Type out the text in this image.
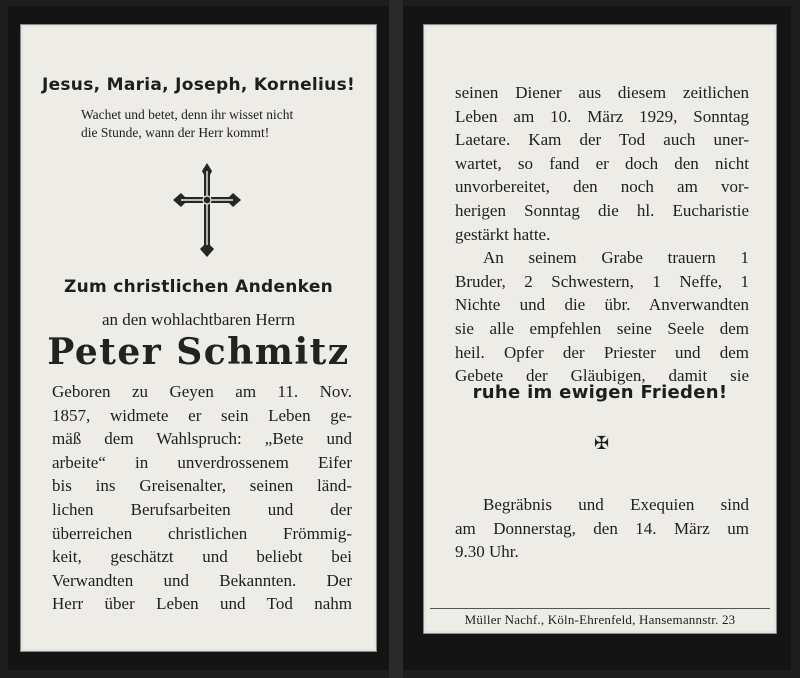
Jesus, Maria, Joseph, Kornelius!

Wachet und betet, denn ihr wisset nicht
die Stunde, wann der Herr kommt!

Zum christlichen Andenken

an den wohlachtbaren Herrn
Peter Schmitz
Geboren zu Geyen am 11. Nov.
1857, widmete er sein Leben ge-
mäß dem Wahlspruch: „Bete und
arbeite“ in unverdrossenem Eifer
bis ins Greisenalter, seinen länd-
lichen Berufsarbeiten und der
überreichen christlichen Frömmig-
keit, geschätzt und beliebt bei
Verwandten und Bekannten. Der
Herr über Leben und Tod nahm
seinen Diener aus diesem zeitlichen
Leben am 10. März 1929, Sonntag
Laetare. Kam der Tod auch uner-
wartet, so fand er doch den nicht
unvorbereitet, den noch am vor-
herigen Sonntag die hl. Eucharistie
gestärkt hatte.
An seinem Grabe trauern 1
Bruder, 2 Schwestern, 1 Neffe, 1
Nichte und die übr. Anverwandten
sie alle empfehlen seine Seele dem
heil. Opfer der Priester und dem
Gebete der Gläubigen, damit sie

ruhe im ewigen Frieden!

✠
Begräbnis und Exequien sind
am Donnerstag, den 14. März um
9.30 Uhr.
Müller Nachf., Köln-Ehrenfeld, Hansemannstr. 23
